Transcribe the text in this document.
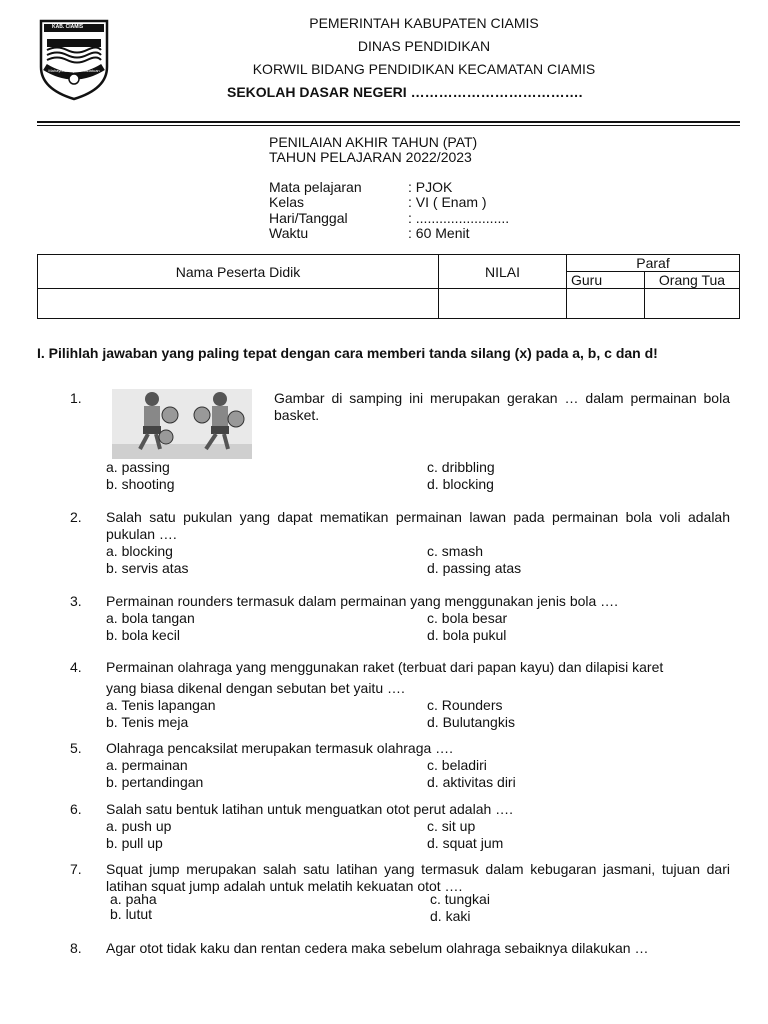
KAB. CIAMIS
Mahayunan Ayuna Kadatuan
PEMERINTAH KABUPATEN CIAMIS
DINAS PENDIDIKAN
KORWIL BIDANG PENDIDIKAN KECAMATAN CIAMIS
SEKOLAH DASAR NEGERI ……………………………….
PENILAIAN AKHIR TAHUN (PAT)
TAHUN PELAJARAN 2022/2023
Mata pelajaran	: PJOK
Kelas	: VI ( Enam )
Hari/Tanggal	: ........................
Waktu	: 60 Menit
Nama Peserta Didik	NILAI	Paraf	
		Guru	Orang Tua

I. Pilihlah jawaban yang paling tepat dengan cara memberi tanda silang (x) pada a, b, c dan d!
1.	Gambar di samping ini merupakan gerakan … dalam permainan bola basket.
a. passing
b. shooting
c. dribbling
d. blocking
2. Salah satu pukulan yang dapat mematikan permainan lawan pada permainan bola voli adalah pukulan ….
a. blocking
b. servis atas
c. smash
d. passing atas
3. Permainan rounders termasuk dalam permainan yang menggunakan jenis bola ….
a. bola tangan
b. bola kecil
c. bola besar
d. bola pukul
4. Permainan olahraga yang menggunakan raket (terbuat dari papan kayu) dan dilapisi karet
yang biasa dikenal dengan sebutan bet yaitu ….
a. Tenis lapangan
b. Tenis meja
c. Rounders
d. Bulutangkis
5. Olahraga pencaksilat merupakan termasuk olahraga ….
a. permainan
b. pertandingan
c. beladiri
d. aktivitas diri
6. Salah satu bentuk latihan untuk menguatkan otot perut adalah ….
a. push up
b. pull up
c. sit up
d. squat jum
7. Squat jump merupakan salah satu latihan yang termasuk dalam kebugaran jasmani, tujuan dari latihan squat jump adalah untuk melatih kekuatan otot ….
a. paha
b. lutut
c. tungkai
d. kaki
8. Agar otot tidak kaku dan rentan cedera maka sebelum olahraga sebaiknya dilakukan …
